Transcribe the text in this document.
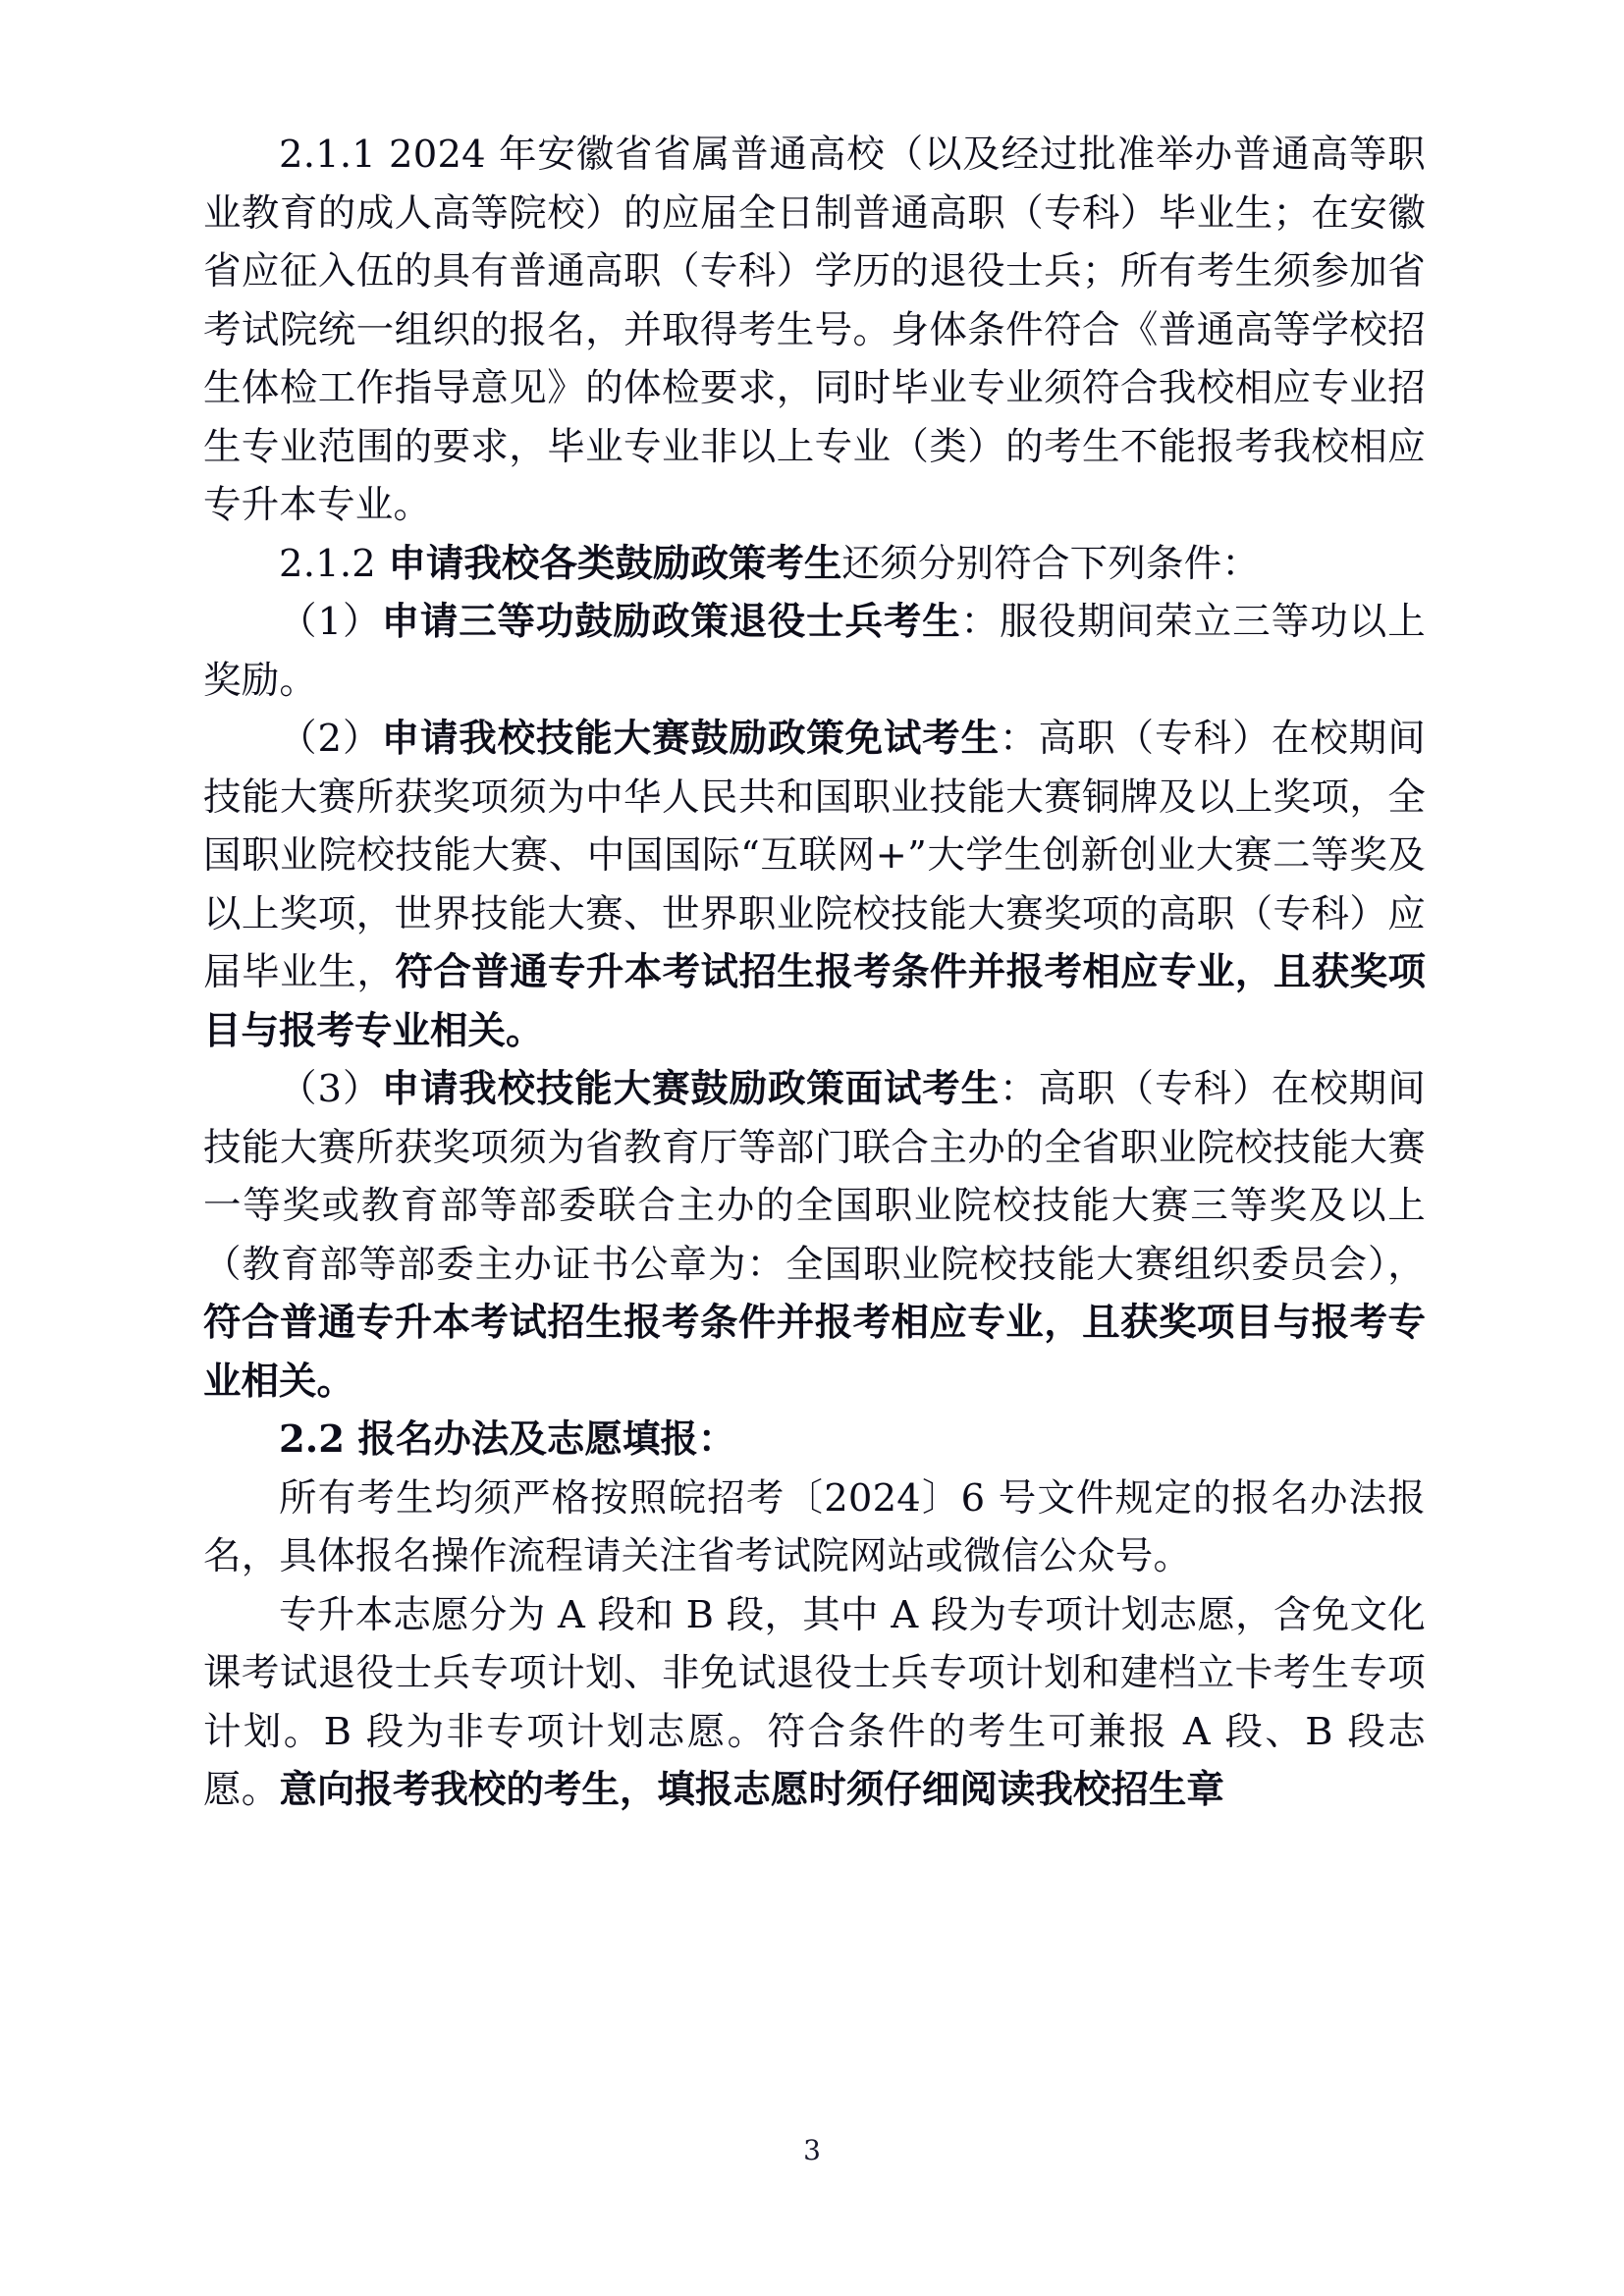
2.1.1 2024 年安徽省省属普通高校（以及经过批准举办普通高等职业教育的成人高等院校）的应届全日制普通高职（专科）毕业生；在安徽省应征入伍的具有普通高职（专科）学历的退役士兵；所有考生须参加省考试院统一组织的报名，并取得考生号。身体条件符合《普通高等学校招生体检工作指导意见》的体检要求，同时毕业专业须符合我校相应专业招生专业范围的要求，毕业专业非以上专业（类）的考生不能报考我校相应专升本专业。

2.1.2 申请我校各类鼓励政策考生还须分别符合下列条件：

（1）申请三等功鼓励政策退役士兵考生：服役期间荣立三等功以上奖励。

（2）申请我校技能大赛鼓励政策免试考生：高职（专科）在校期间技能大赛所获奖项须为中华人民共和国职业技能大赛铜牌及以上奖项，全国职业院校技能大赛、中国国际“互联网+”大学生创新创业大赛二等奖及以上奖项，世界技能大赛、世界职业院校技能大赛奖项的高职（专科）应届毕业生，符合普通专升本考试招生报考条件并报考相应专业，且获奖项目与报考专业相关。

（3）申请我校技能大赛鼓励政策面试考生：高职（专科）在校期间技能大赛所获奖项须为省教育厅等部门联合主办的全省职业院校技能大赛一等奖或教育部等部委联合主办的全国职业院校技能大赛三等奖及以上（教育部等部委主办证书公章为：全国职业院校技能大赛组织委员会），符合普通专升本考试招生报考条件并报考相应专业，且获奖项目与报考专业相关。

2.2 报名办法及志愿填报：

所有考生均须严格按照皖招考〔2024〕6 号文件规定的报名办法报名，具体报名操作流程请关注省考试院网站或微信公众号。

专升本志愿分为 A 段和 B 段，其中 A 段为专项计划志愿，含免文化课考试退役士兵专项计划、非免试退役士兵专项计划和建档立卡考生专项计划。B 段为非专项计划志愿。符合条件的考生可兼报 A 段、B 段志愿。意向报考我校的考生，填报志愿时须仔细阅读我校招生章

3
